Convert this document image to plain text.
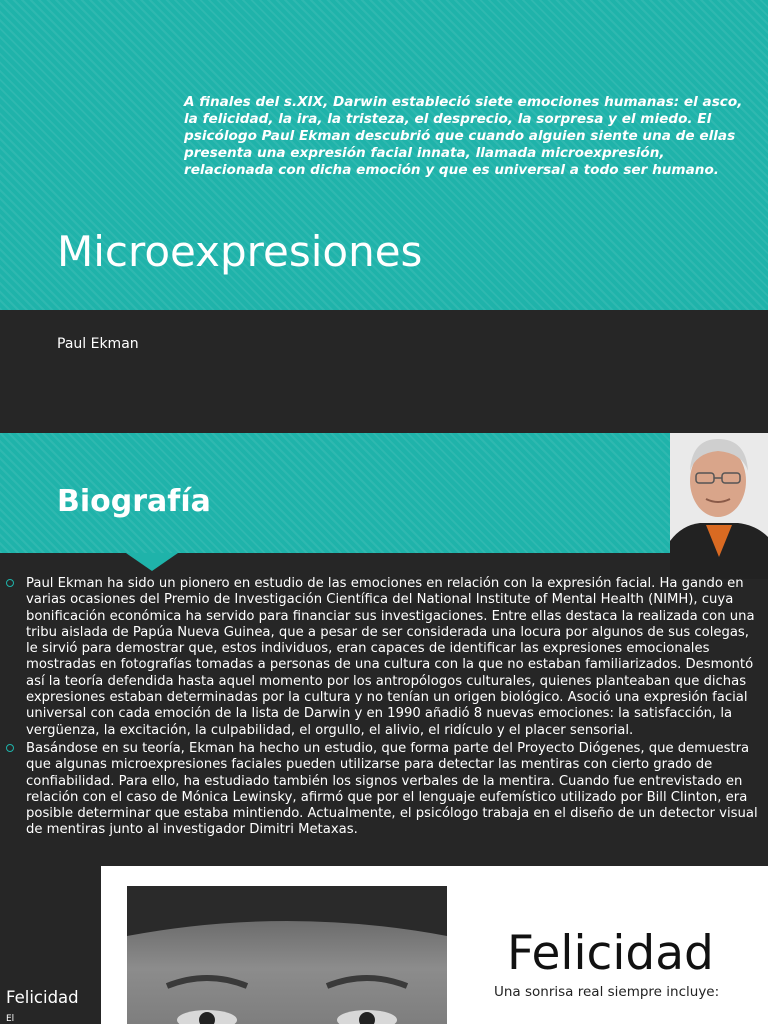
A finales del s.XIX, Darwin estableció siete emociones humanas: el asco, la felicidad, la ira, la tristeza, el desprecio, la sorpresa y el miedo. El psicólogo Paul Ekman descubrió que cuando alguien siente una de ellas presenta una expresión facial innata, llamada microexpresión, relacionada con dicha emoción y que es universal a todo ser humano.

Microexpresiones

Paul Ekman

Biografía

Paul Ekman ha sido un pionero en estudio de las emociones en relación con la expresión facial. Ha gando en varias ocasiones del Premio de Investigación Científica del National Institute of Mental Health (NIMH), cuya bonificación económica ha servido para financiar sus investigaciones. Entre ellas destaca la realizada con una tribu aislada de Papúa Nueva Guinea, que a pesar de ser considerada una locura por algunos de sus colegas, le sirvió para demostrar que, estos individuos, eran capaces de identificar las expresiones emocionales mostradas en fotografías tomadas a personas de una cultura con la que no estaban familiarizados. Desmontó así la teoría defendida hasta aquel momento por los antropólogos culturales, quienes planteaban que dichas expresiones estaban determinadas por la cultura y no tenían un origen biológico. Asoció una expresión facial universal con cada emoción de la lista de Darwin y en 1990 añadió 8 nuevas emociones: la satisfacción, la vergüenza, la excitación, la culpabilidad, el orgullo, el alivio, el ridículo y el placer sensorial.

Basándose en su teoría, Ekman ha hecho un estudio, que forma parte del Proyecto Diógenes, que demuestra que algunas microexpresiones faciales pueden utilizarse para detectar las mentiras con cierto grado de confiabilidad. Para ello, ha estudiado también los signos verbales de la mentira. Cuando fue entrevistado en relación con el caso de Mónica Lewinsky, afirmó que por el lenguaje eufemístico utilizado por Bill Clinton, era posible determinar que estaba mintiendo. Actualmente, el psicólogo trabaja en el diseño de un detector visual de mentiras junto al investigador Dimitri Metaxas.

Felicidad

El

Felicidad

Una sonrisa real siempre incluye:
